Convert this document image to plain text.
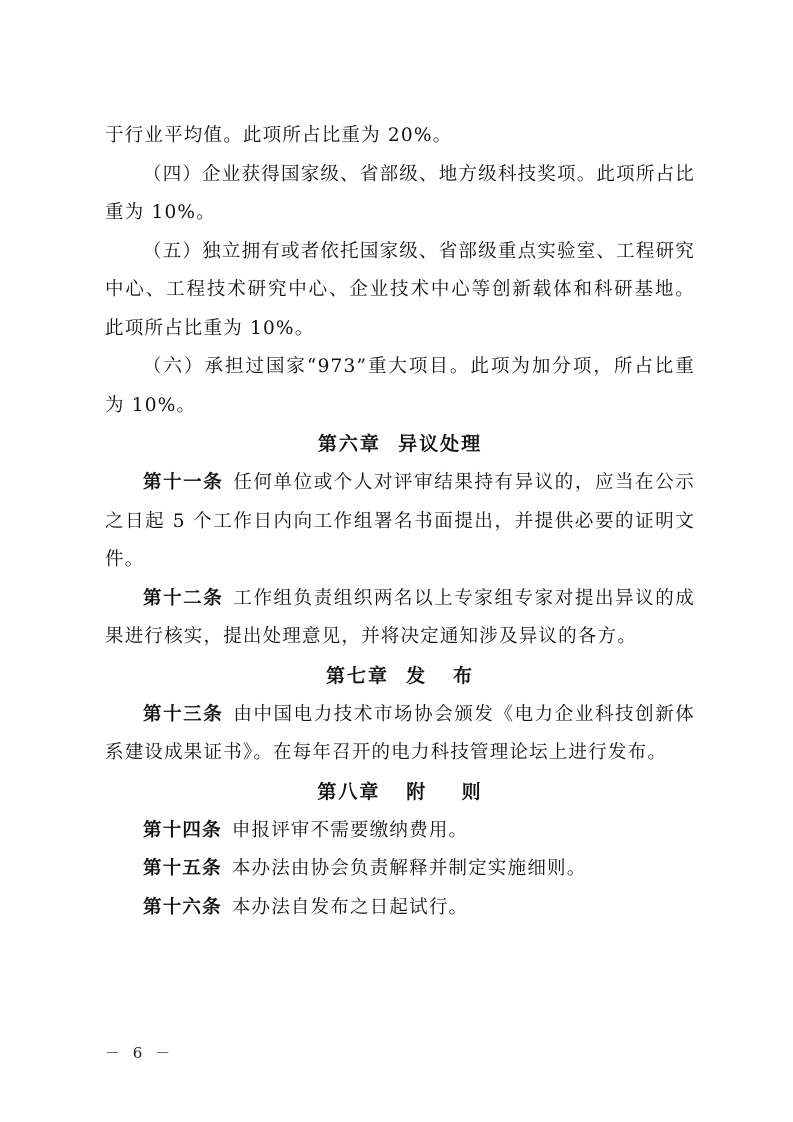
于行业平均值。此项所占比重为 20%。

（四）企业获得国家级、省部级、地方级科技奖项。此项所占比重为 10%。

（五）独立拥有或者依托国家级、省部级重点实验室、工程研究中心、工程技术研究中心、企业技术中心等创新载体和科研基地。此项所占比重为 10%。

（六）承担过国家“973”重大项目。此项为加分项，所占比重为 10%。

第六章  异议处理

第十一条 任何单位或个人对评审结果持有异议的，应当在公示之日起 5 个工作日内向工作组署名书面提出，并提供必要的证明文件。

第十二条 工作组负责组织两名以上专家组专家对提出异议的成果进行核实，提出处理意见，并将决定通知涉及异议的各方。

第七章  发   布

第十三条 由中国电力技术市场协会颁发《电力企业科技创新体系建设成果证书》。在每年召开的电力科技管理论坛上进行发布。

第八章   附    则

第十四条 申报评审不需要缴纳费用。

第十五条 本办法由协会负责解释并制定实施细则。

第十六条 本办法自发布之日起试行。

－ 6 －
